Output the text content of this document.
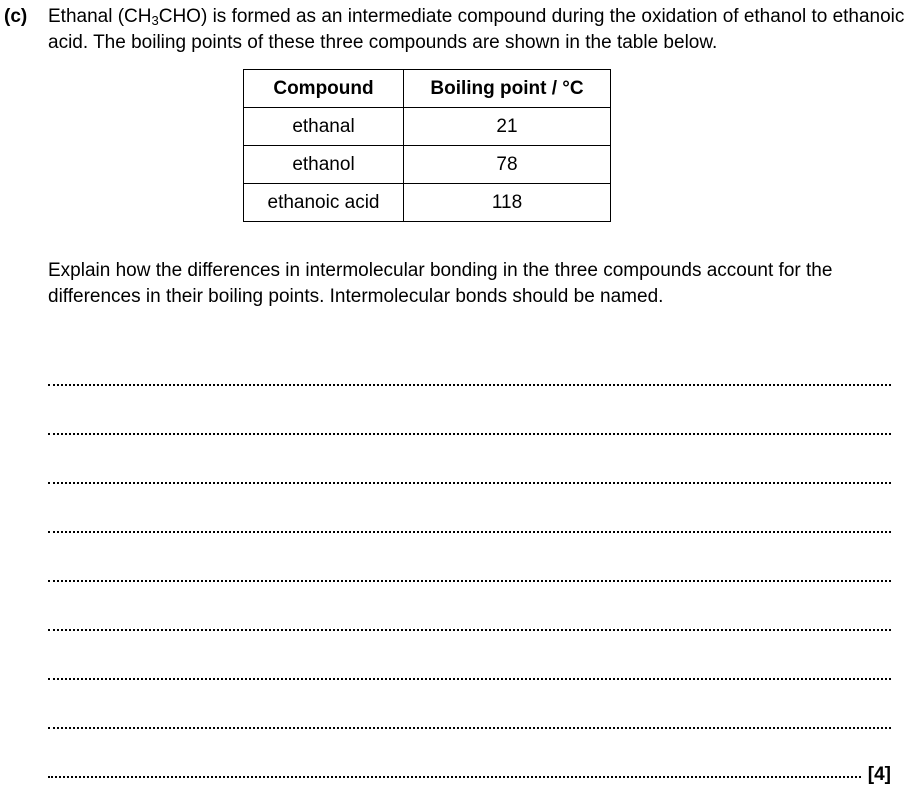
(c) Ethanal $(CH_3CHO)$ is formed as an intermediate compound during the oxidation of ethanol to ethanoic acid. The boiling points of these three compounds are shown in the table below.
Compound	Boiling point / °C
ethanal	21
ethanol	78
ethanoic acid	118
Explain how the differences in intermolecular bonding in the three compounds account for the differences in their boiling points. Intermolecular bonds should be named.
[4]
